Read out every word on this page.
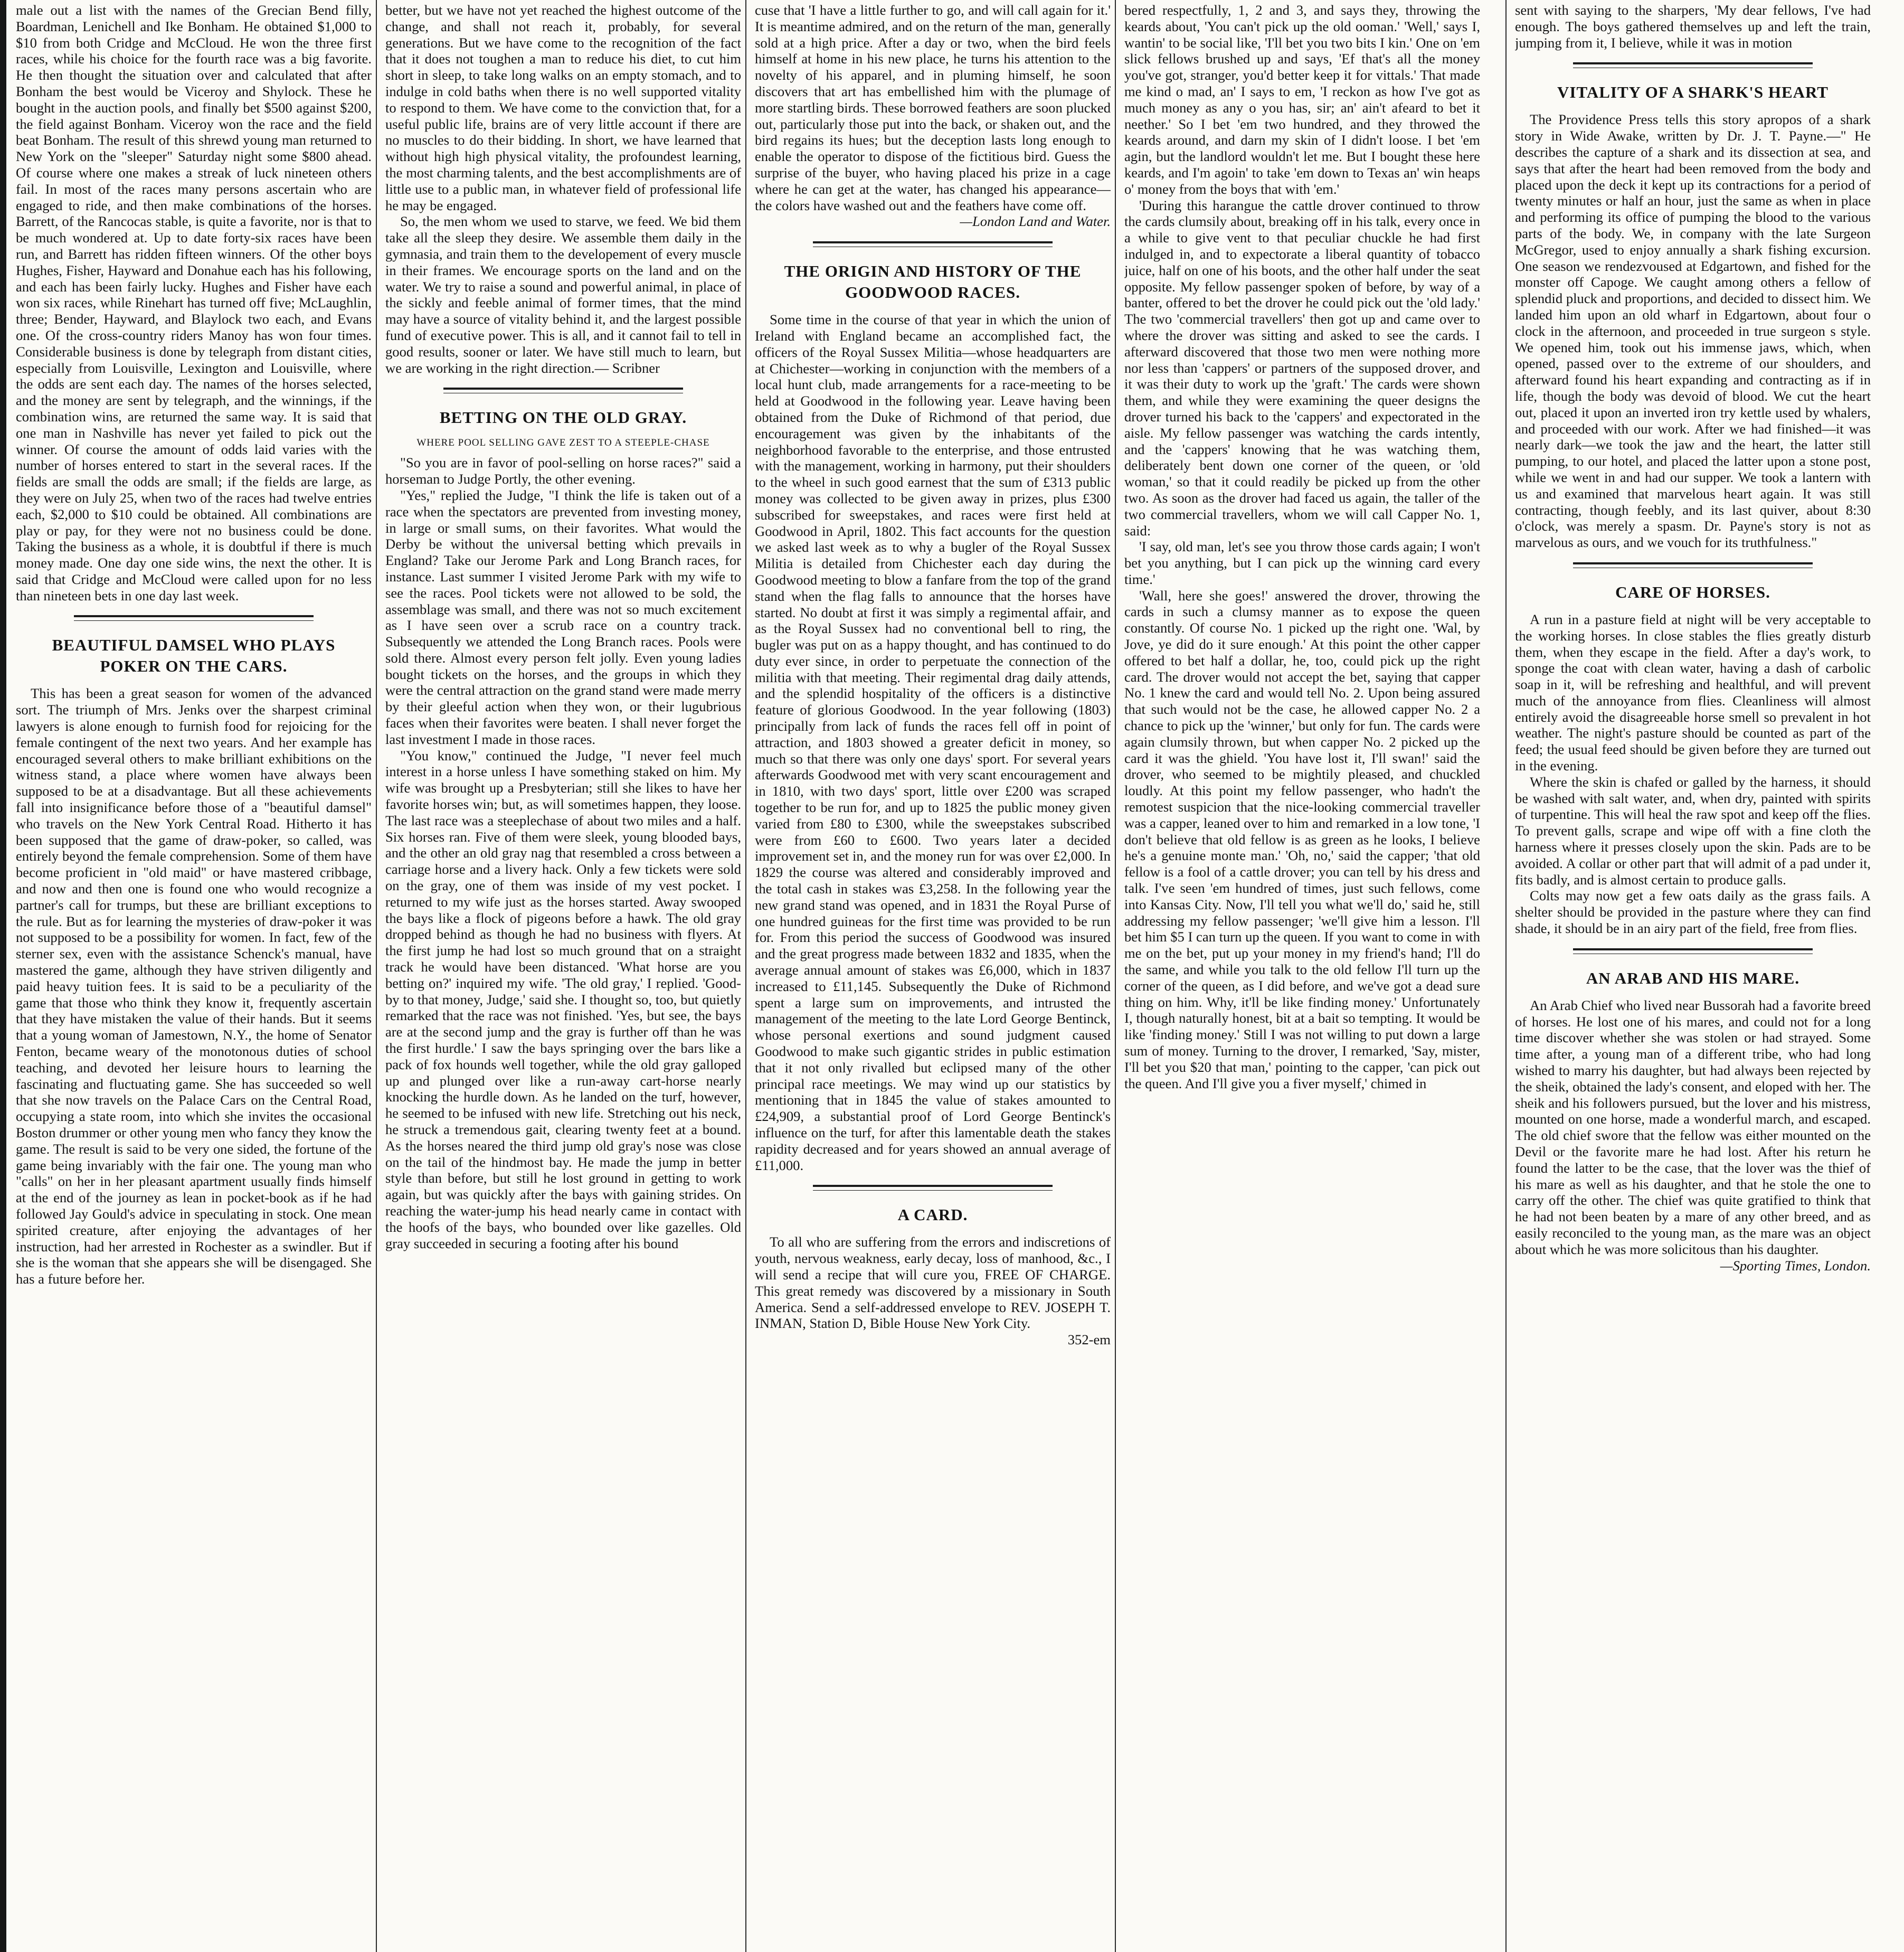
male out a list with the names of the Grecian Bend filly, Boardman, Lenichell and Ike Bonham. He obtained $1,000 to $10 from both Cridge and McCloud. He won the three first races, while his choice for the fourth race was a big favorite. He then thought the situation over and calculated that after Bonham the best would be Viceroy and Shylock. These he bought in the auction pools, and finally bet $500 against $200, the field against Bonham. Viceroy won the race and the field beat Bonham. The result of this shrewd young man returned to New York on the "sleeper" Saturday night some $800 ahead. Of course where one makes a streak of luck nineteen others fail. In most of the races many persons ascertain who are engaged to ride, and then make combinations of the horses. Barrett, of the Rancocas stable, is quite a favorite, nor is that to be much wondered at. Up to date forty-six races have been run, and Barrett has ridden fifteen winners. Of the other boys Hughes, Fisher, Hayward and Donahue each has his following, and each has been fairly lucky. Hughes and Fisher have each won six races, while Rinehart has turned off five; McLaughlin, three; Bender, Hayward, and Blaylock two each, and Evans one. Of the cross-country riders Manoy has won four times. Considerable business is done by telegraph from distant cities, especially from Louisville, Lexington and Louisville, where the odds are sent each day. The names of the horses selected, and the money are sent by telegraph, and the winnings, if the combination wins, are returned the same way. It is said that one man in Nashville has never yet failed to pick out the winner. Of course the amount of odds laid varies with the number of horses entered to start in the several races. If the fields are small the odds are small; if the fields are large, as they were on July 25, when two of the races had twelve entries each, $2,000 to $10 could be obtained. All combinations are play or pay, for they were not no business could be done. Taking the business as a whole, it is doubtful if there is much money made. One day one side wins, the next the other. It is said that Cridge and McCloud were called upon for no less than nineteen bets in one day last week.

BEAUTIFUL DAMSEL WHO PLAYS POKER ON THE CARS.

This has been a great season for women of the advanced sort. The triumph of Mrs. Jenks over the sharpest criminal lawyers is alone enough to furnish food for rejoicing for the female contingent of the next two years. And her example has encouraged several others to make brilliant exhibitions on the witness stand, a place where women have always been supposed to be at a disadvantage. But all these achievements fall into insignificance before those of a "beautiful damsel" who travels on the New York Central Road. Hitherto it has been supposed that the game of draw-poker, so called, was entirely beyond the female comprehension. Some of them have become proficient in "old maid" or have mastered cribbage, and now and then one is found one who would recognize a partner's call for trumps, but these are brilliant exceptions to the rule. But as for learning the mysteries of draw-poker it was not supposed to be a possibility for women. In fact, few of the sterner sex, even with the assistance Schenck's manual, have mastered the game, although they have striven diligently and paid heavy tuition fees. It is said to be a peculiarity of the game that those who think they know it, frequently ascertain that they have mistaken the value of their hands. But it seems that a young woman of Jamestown, N.Y., the home of Senator Fenton, became weary of the monotonous duties of school teaching, and devoted her leisure hours to learning the fascinating and fluctuating game. She has succeeded so well that she now travels on the Palace Cars on the Central Road, occupying a state room, into which she invites the occasional Boston drummer or other young men who fancy they know the game. The result is said to be very one sided, the fortune of the game being invariably with the fair one. The young man who "calls" on her in her pleasant apartment usually finds himself at the end of the journey as lean in pocket-book as if he had followed Jay Gould's advice in speculating in stock. One mean spirited creature, after enjoying the advantages of her instruction, had her arrested in Rochester as a swindler. But if she is the woman that she appears she will be disengaged. She has a future before her.

better, but we have not yet reached the highest outcome of the change, and shall not reach it, probably, for several generations. But we have come to the recognition of the fact that it does not toughen a man to reduce his diet, to cut him short in sleep, to take long walks on an empty stomach, and to indulge in cold baths when there is no well supported vitality to respond to them. We have come to the conviction that, for a useful public life, brains are of very little account if there are no muscles to do their bidding. In short, we have learned that without high high physical vitality, the profoundest learning, the most charming talents, and the best accomplishments are of little use to a public man, in whatever field of professional life he may be engaged.

So, the men whom we used to starve, we feed. We bid them take all the sleep they desire. We assemble them daily in the gymnasia, and train them to the developement of every muscle in their frames. We encourage sports on the land and on the water. We try to raise a sound and powerful animal, in place of the sickly and feeble animal of former times, that the mind may have a source of vitality behind it, and the largest possible fund of executive power. This is all, and it cannot fail to tell in good results, sooner or later. We have still much to learn, but we are working in the right direction.— Scribner

BETTING ON THE OLD GRAY.
WHERE POOL SELLING GAVE ZEST TO A STEEPLE-CHASE

"So you are in favor of pool-selling on horse races?" said a horseman to Judge Portly, the other evening.

"Yes," replied the Judge, "I think the life is taken out of a race when the spectators are prevented from investing money, in large or small sums, on their favorites. What would the Derby be without the universal betting which prevails in England? Take our Jerome Park and Long Branch races, for instance. Last summer I visited Jerome Park with my wife to see the races. Pool tickets were not allowed to be sold, the assemblage was small, and there was not so much excitement as I have seen over a scrub race on a country track. Subsequently we attended the Long Branch races. Pools were sold there. Almost every person felt jolly. Even young ladies bought tickets on the horses, and the groups in which they were the central attraction on the grand stand were made merry by their gleeful action when they won, or their lugubrious faces when their favorites were beaten. I shall never forget the last investment I made in those races.

"You know," continued the Judge, "I never feel much interest in a horse unless I have something staked on him. My wife was brought up a Presbyterian; still she likes to have her favorite horses win; but, as will sometimes happen, they loose. The last race was a steeplechase of about two miles and a half. Six horses ran. Five of them were sleek, young blooded bays, and the other an old gray nag that resembled a cross between a carriage horse and a livery hack. Only a few tickets were sold on the gray, one of them was inside of my vest pocket. I returned to my wife just as the horses started. Away swooped the bays like a flock of pigeons before a hawk. The old gray dropped behind as though he had no business with flyers. At the first jump he had lost so much ground that on a straight track he would have been distanced. 'What horse are you betting on?' inquired my wife. 'The old gray,' I replied. 'Good-by to that money, Judge,' said she. I thought so, too, but quietly remarked that the race was not finished. 'Yes, but see, the bays are at the second jump and the gray is further off than he was the first hurdle.' I saw the bays springing over the bars like a pack of fox hounds well together, while the old gray galloped up and plunged over like a run-away cart-horse nearly knocking the hurdle down. As he landed on the turf, however, he seemed to be infused with new life. Stretching out his neck, he struck a tremendous gait, clearing twenty feet at a bound. As the horses neared the third jump old gray's nose was close on the tail of the hindmost bay. He made the jump in better style than before, but still he lost ground in getting to work again, but was quickly after the bays with gaining strides. On reaching the water-jump his head nearly came in contact with the hoofs of the bays, who bounded over like gazelles. Old gray succeeded in securing a footing after his bound

cuse that 'I have a little further to go, and will call again for it.' It is meantime admired, and on the return of the man, generally sold at a high price. After a day or two, when the bird feels himself at home in his new place, he turns his attention to the novelty of his apparel, and in pluming himself, he soon discovers that art has embellished him with the plumage of more startling birds. These borrowed feathers are soon plucked out, particularly those put into the back, or shaken out, and the bird regains its hues; but the deception lasts long enough to enable the operator to dispose of the fictitious bird. Guess the surprise of the buyer, who having placed his prize in a cage where he can get at the water, has changed his appearance—the colors have washed out and the feathers have come off.

—London Land and Water.

THE ORIGIN AND HISTORY OF THE GOODWOOD RACES.

Some time in the course of that year in which the union of Ireland with England became an accomplished fact, the officers of the Royal Sussex Militia—whose headquarters are at Chichester—working in conjunction with the members of a local hunt club, made arrangements for a race-meeting to be held at Goodwood in the following year. Leave having been obtained from the Duke of Richmond of that period, due encouragement was given by the inhabitants of the neighborhood favorable to the enterprise, and those entrusted with the management, working in harmony, put their shoulders to the wheel in such good earnest that the sum of £313 public money was collected to be given away in prizes, plus £300 subscribed for sweepstakes, and races were first held at Goodwood in April, 1802. This fact accounts for the question we asked last week as to why a bugler of the Royal Sussex Militia is detailed from Chichester each day during the Goodwood meeting to blow a fanfare from the top of the grand stand when the flag falls to announce that the horses have started. No doubt at first it was simply a regimental affair, and as the Royal Sussex had no conventional bell to ring, the bugler was put on as a happy thought, and has continued to do duty ever since, in order to perpetuate the connection of the militia with that meeting. Their regimental drag daily attends, and the splendid hospitality of the officers is a distinctive feature of glorious Goodwood. In the year following (1803) principally from lack of funds the races fell off in point of attraction, and 1803 showed a greater deficit in money, so much so that there was only one days' sport. For several years afterwards Goodwood met with very scant encouragement and in 1810, with two days' sport, little over £200 was scraped together to be run for, and up to 1825 the public money given varied from £80 to £300, while the sweepstakes subscribed were from £60 to £600. Two years later a decided improvement set in, and the money run for was over £2,000. In 1829 the course was altered and considerably improved and the total cash in stakes was £3,258. In the following year the new grand stand was opened, and in 1831 the Royal Purse of one hundred guineas for the first time was provided to be run for. From this period the success of Goodwood was insured and the great progress made between 1832 and 1835, when the average annual amount of stakes was £6,000, which in 1837 increased to £11,145. Subsequently the Duke of Richmond spent a large sum on improvements, and intrusted the management of the meeting to the late Lord George Bentinck, whose personal exertions and sound judgment caused Goodwood to make such gigantic strides in public estimation that it not only rivalled but eclipsed many of the other principal race meetings. We may wind up our statistics by mentioning that in 1845 the value of stakes amounted to £24,909, a substantial proof of Lord George Bentinck's influence on the turf, for after this lamentable death the stakes rapidity decreased and for years showed an annual average of £11,000.

A CARD.

To all who are suffering from the errors and indiscretions of youth, nervous weakness, early decay, loss of manhood, &c., I will send a recipe that will cure you, FREE OF CHARGE. This great remedy was discovered by a missionary in South America. Send a self-addressed envelope to REV. JOSEPH T. INMAN, Station D, Bible House New York City.

352-em

bered respectfully, 1, 2 and 3, and says they, throwing the keards about, 'You can't pick up the old ooman.' 'Well,' says I, wantin' to be social like, 'I'll bet you two bits I kin.' One on 'em slick fellows brushed up and says, 'Ef that's all the money you've got, stranger, you'd better keep it for vittals.' That made me kind o mad, an' I says to em, 'I reckon as how I've got as much money as any o you has, sir; an' ain't afeard to bet it neether.' So I bet 'em two hundred, and they throwed the keards around, and darn my skin of I didn't loose. I bet 'em agin, but the landlord wouldn't let me. But I bought these here keards, and I'm agoin' to take 'em down to Texas an' win heaps o' money from the boys that with 'em.'

'During this harangue the cattle drover continued to throw the cards clumsily about, breaking off in his talk, every once in a while to give vent to that peculiar chuckle he had first indulged in, and to expectorate a liberal quantity of tobacco juice, half on one of his boots, and the other half under the seat opposite. My fellow passenger spoken of before, by way of a banter, offered to bet the drover he could pick out the 'old lady.' The two 'commercial travellers' then got up and came over to where the drover was sitting and asked to see the cards. I afterward discovered that those two men were nothing more nor less than 'cappers' or partners of the supposed drover, and it was their duty to work up the 'graft.' The cards were shown them, and while they were examining the queer designs the drover turned his back to the 'cappers' and expectorated in the aisle. My fellow passenger was watching the cards intently, and the 'cappers' knowing that he was watching them, deliberately bent down one corner of the queen, or 'old woman,' so that it could readily be picked up from the other two. As soon as the drover had faced us again, the taller of the two commercial travellers, whom we will call Capper No. 1, said:

'I say, old man, let's see you throw those cards again; I won't bet you anything, but I can pick up the winning card every time.'

'Wall, here she goes!' answered the drover, throwing the cards in such a clumsy manner as to expose the queen constantly. Of course No. 1 picked up the right one. 'Wal, by Jove, ye did do it sure enough.' At this point the other capper offered to bet half a dollar, he, too, could pick up the right card. The drover would not accept the bet, saying that capper No. 1 knew the card and would tell No. 2. Upon being assured that such would not be the case, he allowed capper No. 2 a chance to pick up the 'winner,' but only for fun. The cards were again clumsily thrown, but when capper No. 2 picked up the card it was the ghield. 'You have lost it, I'll swan!' said the drover, who seemed to be mightily pleased, and chuckled loudly. At this point my fellow passenger, who hadn't the remotest suspicion that the nice-looking commercial traveller was a capper, leaned over to him and remarked in a low tone, 'I don't believe that old fellow is as green as he looks, I believe he's a genuine monte man.' 'Oh, no,' said the capper; 'that old fellow is a fool of a cattle drover; you can tell by his dress and talk. I've seen 'em hundred of times, just such fellows, come into Kansas City. Now, I'll tell you what we'll do,' said he, still addressing my fellow passenger; 'we'll give him a lesson. I'll bet him $5 I can turn up the queen. If you want to come in with me on the bet, put up your money in my friend's hand; I'll do the same, and while you talk to the old fellow I'll turn up the corner of the queen, as I did before, and we've got a dead sure thing on him. Why, it'll be like finding money.' Unfortunately I, though naturally honest, bit at a bait so tempting. It would be like 'finding money.' Still I was not willing to put down a large sum of money. Turning to the drover, I remarked, 'Say, mister, I'll bet you $20 that man,' pointing to the capper, 'can pick out the queen. And I'll give you a fiver myself,' chimed in

sent with saying to the sharpers, 'My dear fellows, I've had enough. The boys gathered themselves up and left the train, jumping from it, I believe, while it was in motion

VITALITY OF A SHARK'S HEART

The Providence Press tells this story apropos of a shark story in Wide Awake, written by Dr. J. T. Payne.—" He describes the capture of a shark and its dissection at sea, and says that after the heart had been removed from the body and placed upon the deck it kept up its contractions for a period of twenty minutes or half an hour, just the same as when in place and performing its office of pumping the blood to the various parts of the body. We, in company with the late Surgeon McGregor, used to enjoy annually a shark fishing excursion. One season we rendezvoused at Edgartown, and fished for the monster off Capoge. We caught among others a fellow of splendid pluck and proportions, and decided to dissect him. We landed him upon an old wharf in Edgartown, about four o clock in the afternoon, and proceeded in true surgeon s style. We opened him, took out his immense jaws, which, when opened, passed over to the extreme of our shoulders, and afterward found his heart expanding and contracting as if in life, though the body was devoid of blood. We cut the heart out, placed it upon an inverted iron try kettle used by whalers, and proceeded with our work. After we had finished—it was nearly dark—we took the jaw and the heart, the latter still pumping, to our hotel, and placed the latter upon a stone post, while we went in and had our supper. We took a lantern with us and examined that marvelous heart again. It was still contracting, though feebly, and its last quiver, about 8:30 o'clock, was merely a spasm. Dr. Payne's story is not as marvelous as ours, and we vouch for its truthfulness."

CARE OF HORSES.

A run in a pasture field at night will be very acceptable to the working horses. In close stables the flies greatly disturb them, when they escape in the field. After a day's work, to sponge the coat with clean water, having a dash of carbolic soap in it, will be refreshing and healthful, and will prevent much of the annoyance from flies. Cleanliness will almost entirely avoid the disagreeable horse smell so prevalent in hot weather. The night's pasture should be counted as part of the feed; the usual feed should be given before they are turned out in the evening.

Where the skin is chafed or galled by the harness, it should be washed with salt water, and, when dry, painted with spirits of turpentine. This will heal the raw spot and keep off the flies. To prevent galls, scrape and wipe off with a fine cloth the harness where it presses closely upon the skin. Pads are to be avoided. A collar or other part that will admit of a pad under it, fits badly, and is almost certain to produce galls.

Colts may now get a few oats daily as the grass fails. A shelter should be provided in the pasture where they can find shade, it should be in an airy part of the field, free from flies.

AN ARAB AND HIS MARE.

An Arab Chief who lived near Bussorah had a favorite breed of horses. He lost one of his mares, and could not for a long time discover whether she was stolen or had strayed. Some time after, a young man of a different tribe, who had long wished to marry his daughter, but had always been rejected by the sheik, obtained the lady's consent, and eloped with her. The sheik and his followers pursued, but the lover and his mistress, mounted on one horse, made a wonderful march, and escaped. The old chief swore that the fellow was either mounted on the Devil or the favorite mare he had lost. After his return he found the latter to be the case, that the lover was the thief of his mare as well as his daughter, and that he stole the one to carry off the other. The chief was quite gratified to think that he had not been beaten by a mare of any other breed, and as easily reconciled to the young man, as the mare was an object about which he was more solicitous than his daughter.

—Sporting Times, London.
